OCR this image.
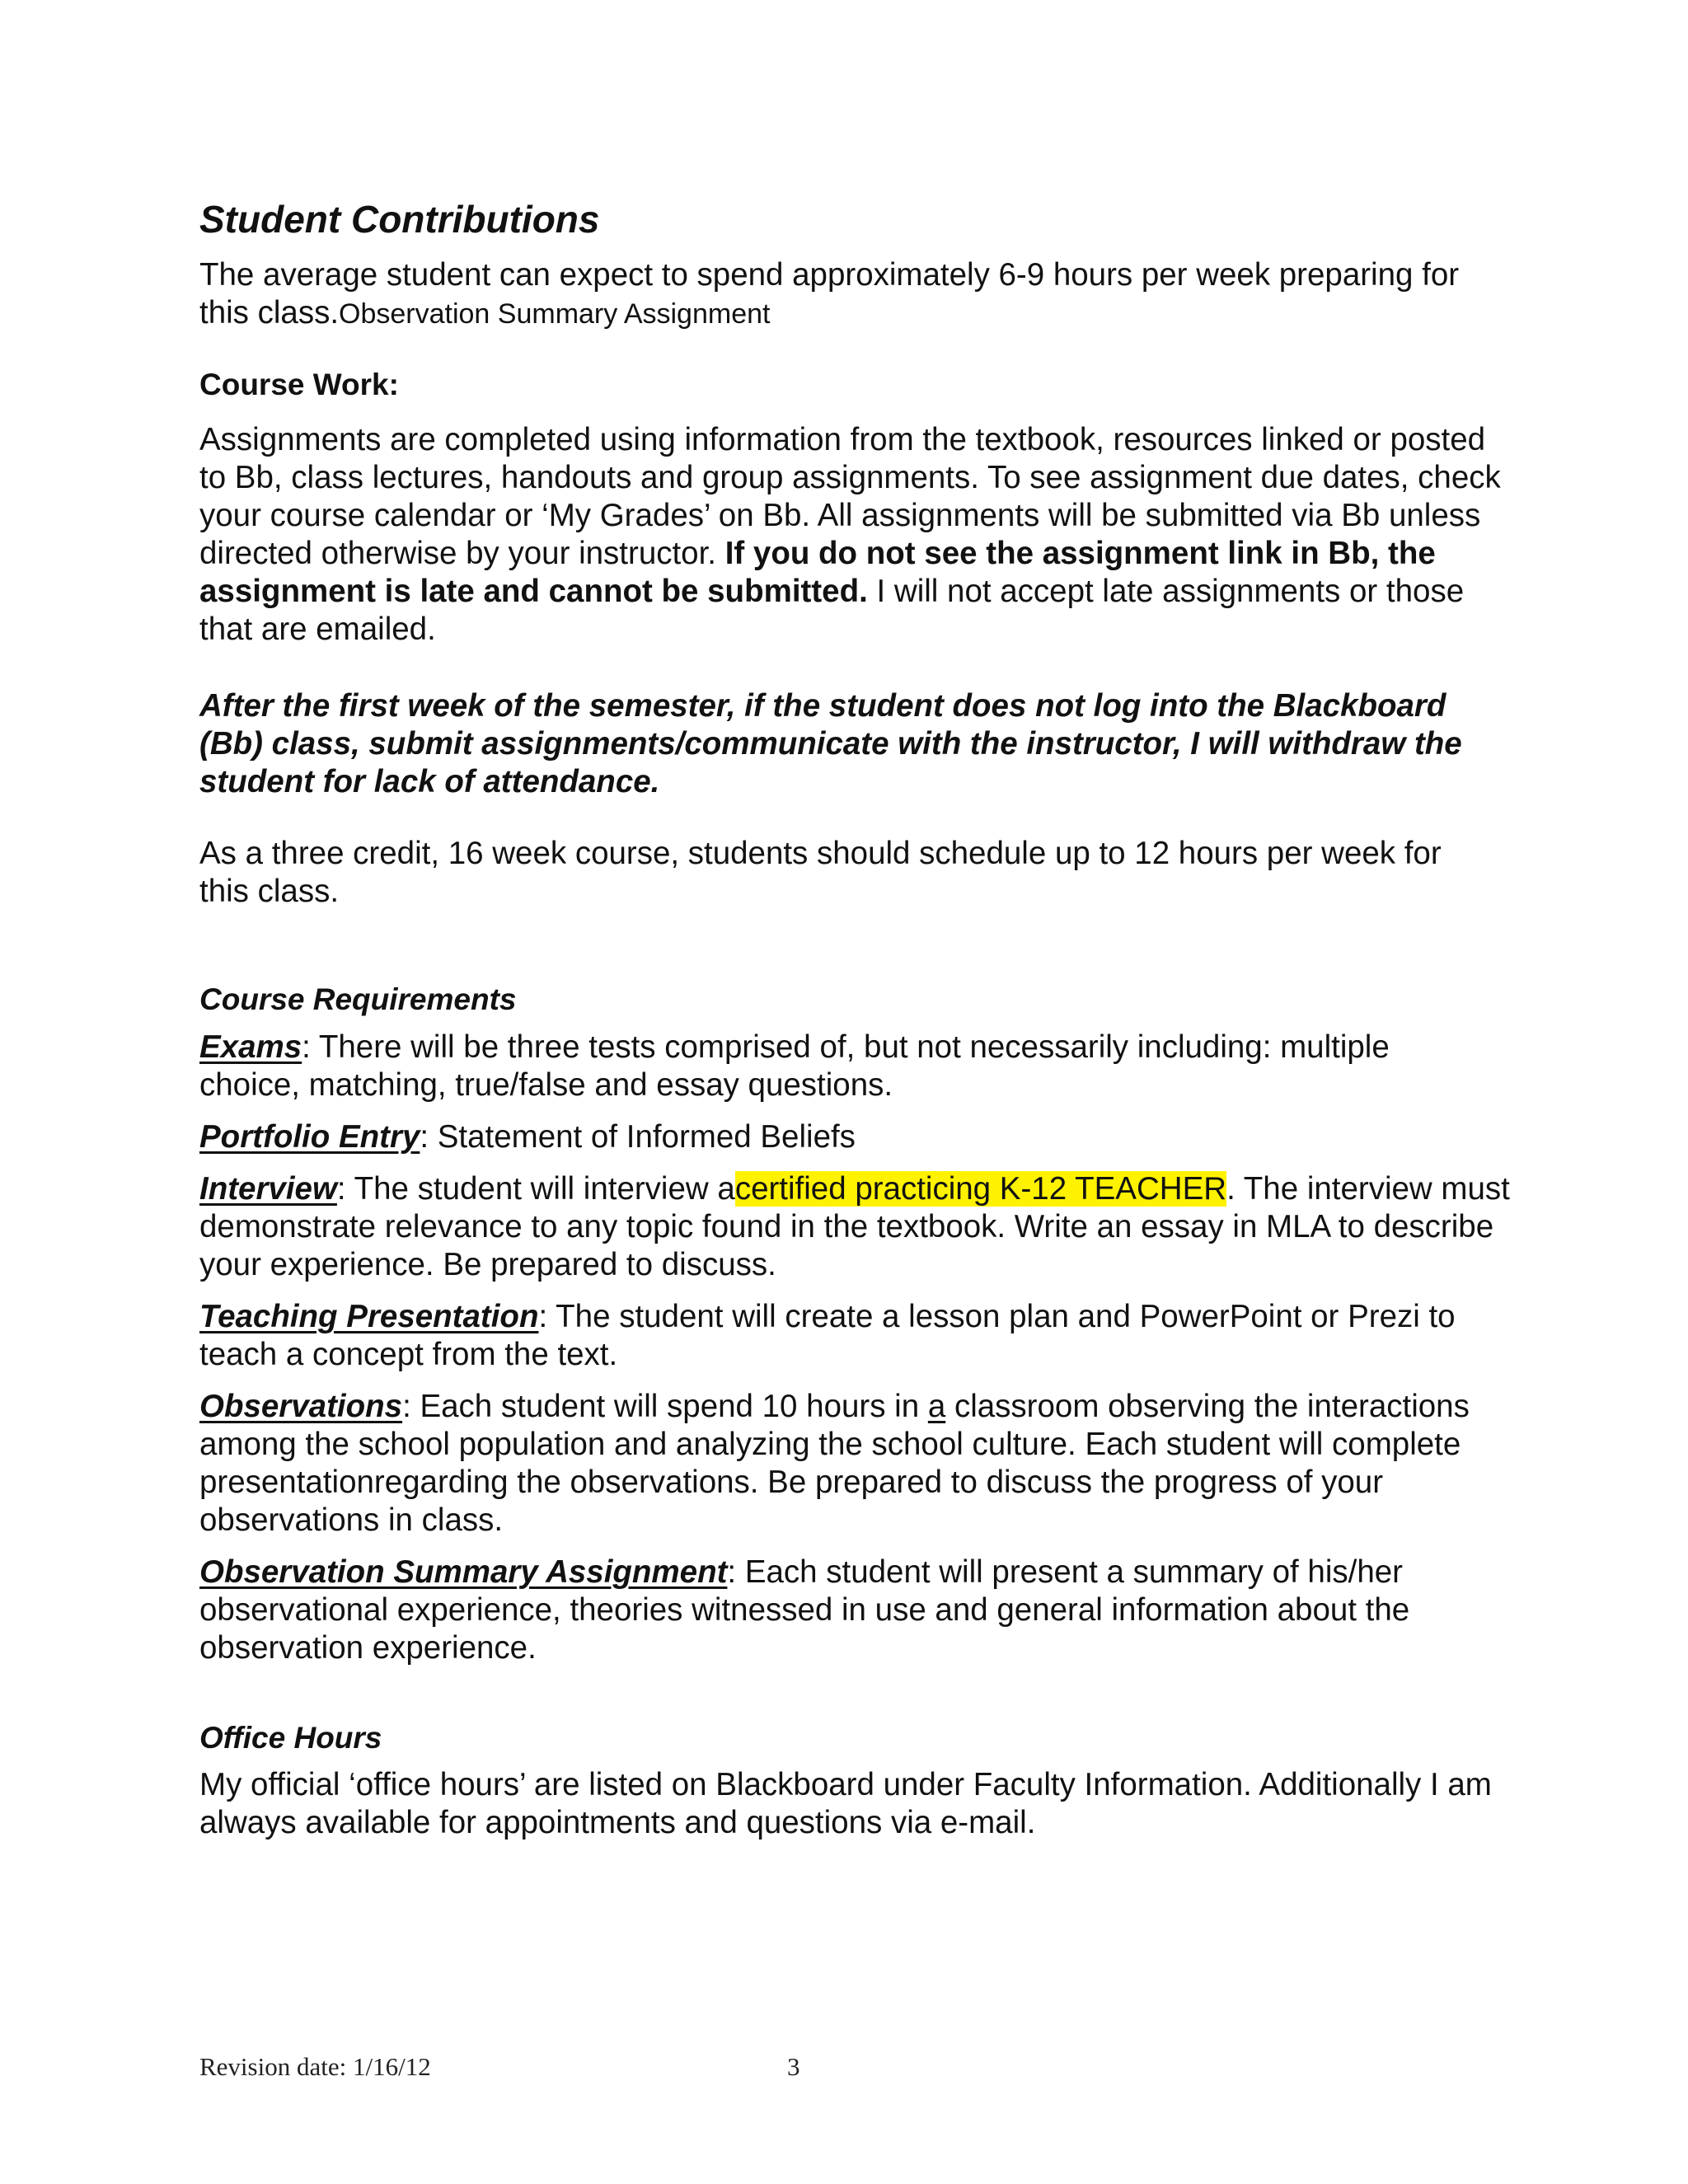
Student Contributions

The average student can expect to spend approximately 6-9 hours per week preparing for this class.Observation Summary Assignment

Course Work:

Assignments are completed using information from the textbook, resources linked or posted to Bb, class lectures, handouts and group assignments. To see assignment due dates, check your course calendar or ‘My Grades’ on Bb. All assignments will be submitted via Bb unless directed otherwise by your instructor. If you do not see the assignment link in Bb, the assignment is late and cannot be submitted. I will not accept late assignments or those that are emailed.

After the first week of the semester, if the student does not log into the Blackboard (Bb) class, submit assignments/communicate with the instructor, I will withdraw the student for lack of attendance.

As a three credit, 16 week course, students should schedule up to 12 hours per week for this class.

Course Requirements

Exams: There will be three tests comprised of, but not necessarily including: multiple choice, matching, true/false and essay questions.

Portfolio Entry: Statement of Informed Beliefs

Interview: The student will interview acertified practicing K-12 TEACHER. The interview must demonstrate relevance to any topic found in the textbook. Write an essay in MLA to describe your experience. Be prepared to discuss.

Teaching Presentation: The student will create a lesson plan and PowerPoint or Prezi to teach a concept from the text.

Observations: Each student will spend 10 hours in a classroom observing the interactions among the school population and analyzing the school culture. Each student will complete presentationregarding the observations. Be prepared to discuss the progress of your observations in class.

Observation Summary Assignment: Each student will present a summary of his/her observational experience, theories witnessed in use and general information about the observation experience.

Office Hours

My official ‘office hours’ are listed on Blackboard under Faculty Information. Additionally I am always available for appointments and questions via e-mail.

Revision date: 1/16/12	3
